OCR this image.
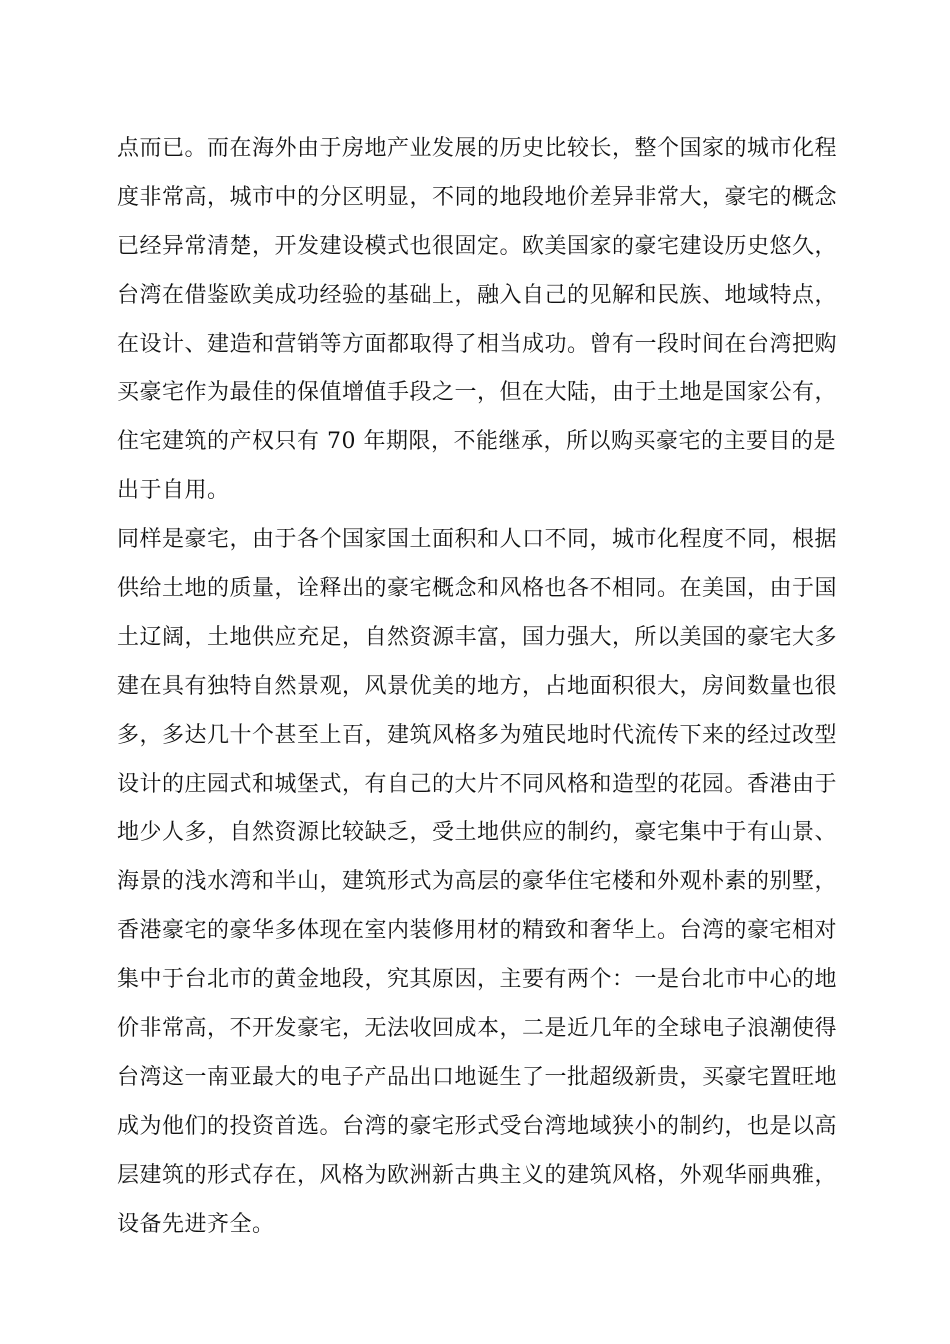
点而已。而在海外由于房地产业发展的历史比较长，整个国家的城市化程
度非常高，城市中的分区明显，不同的地段地价差异非常大，豪宅的概念
已经异常清楚，开发建设模式也很固定。欧美国家的豪宅建设历史悠久，
台湾在借鉴欧美成功经验的基础上，融入自己的见解和民族、地域特点，
在设计、建造和营销等方面都取得了相当成功。曾有一段时间在台湾把购
买豪宅作为最佳的保值增值手段之一，但在大陆，由于土地是国家公有，
住宅建筑的产权只有 70 年期限，不能继承，所以购买豪宅的主要目的是
出于自用。
同样是豪宅，由于各个国家国土面积和人口不同，城市化程度不同，根据
供给土地的质量，诠释出的豪宅概念和风格也各不相同。在美国，由于国
土辽阔，土地供应充足，自然资源丰富，国力强大，所以美国的豪宅大多
建在具有独特自然景观，风景优美的地方，占地面积很大，房间数量也很
多，多达几十个甚至上百，建筑风格多为殖民地时代流传下来的经过改型
设计的庄园式和城堡式，有自己的大片不同风格和造型的花园。香港由于
地少人多，自然资源比较缺乏，受土地供应的制约，豪宅集中于有山景、
海景的浅水湾和半山，建筑形式为高层的豪华住宅楼和外观朴素的别墅，
香港豪宅的豪华多体现在室内装修用材的精致和奢华上。台湾的豪宅相对
集中于台北市的黄金地段，究其原因，主要有两个：一是台北市中心的地
价非常高，不开发豪宅，无法收回成本，二是近几年的全球电子浪潮使得
台湾这一南亚最大的电子产品出口地诞生了一批超级新贵，买豪宅置旺地
成为他们的投资首选。台湾的豪宅形式受台湾地域狭小的制约，也是以高
层建筑的形式存在，风格为欧洲新古典主义的建筑风格，外观华丽典雅，
设备先进齐全。
